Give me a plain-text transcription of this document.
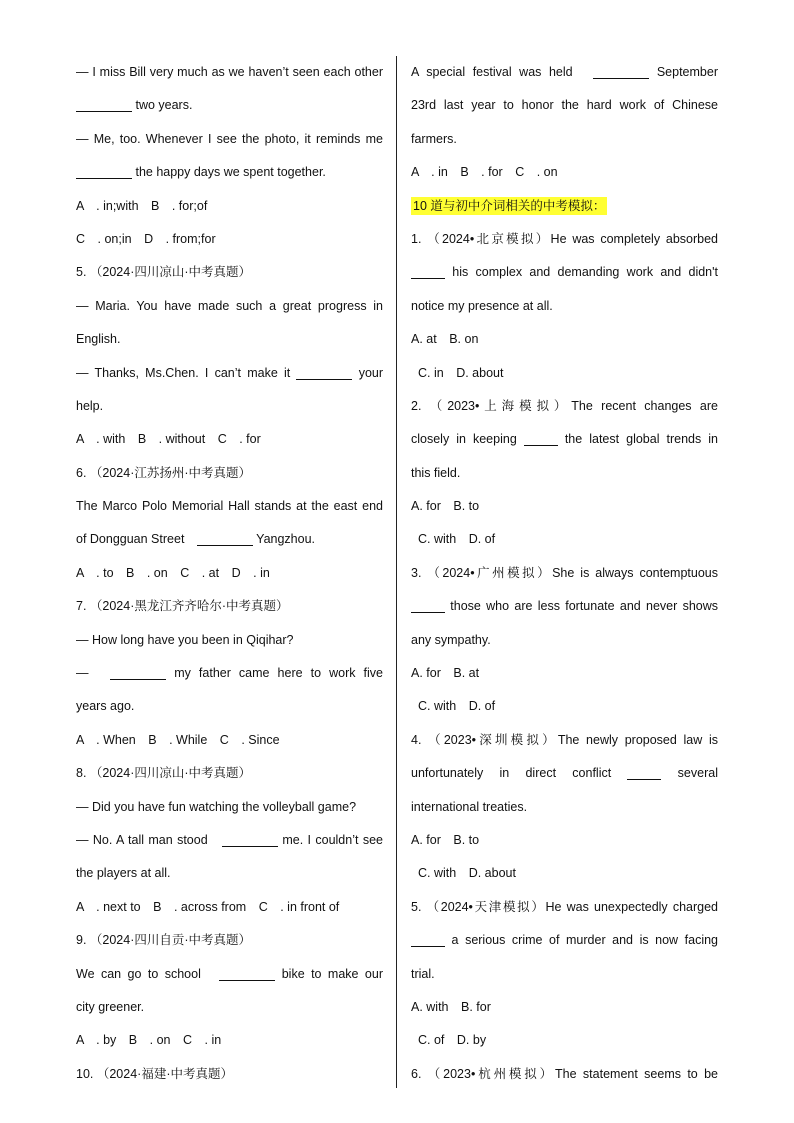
— I miss Bill very much as we haven’t seen each other
two years.
— Me, too. Whenever I see the photo, it reminds me
the happy days we spent together.
A　. in;with　B　. for;of
C　. on;in　D　. from;for
5. （2024·四川凉山·中考真题）
— Maria. You have made such a great progress in
English.
— Thanks, Ms.Chen. I can’t make it	your
help.
A　. with　B　. without　C　. for
6. （2024·江苏扬州·中考真题）
The Marco Polo Memorial Hall stands at the east end
of Dongguan Street　	Yangzhou.
A　. to　B　. on　C　. at　D　. in
7. （2024·黑龙江齐齐哈尔·中考真题）
— How long have you been in Qiqihar?
—　	my father came here to work five
years ago.
A　. When　B　. While　C　. Since
8. （2024·四川凉山·中考真题）
— Did you have fun watching the volleyball game?
— No. A tall man stood　	me. I couldn’t see
the players at all.
A　. next to　B　. across from　C　. in front of
9. （2024·四川自贡·中考真题）
We can go to school　	bike to make our
city greener.
A　. by　B　. on　C　. in
10. （2024·福建·中考真题）
A special festival was held　	September
23rd last year to honor the hard work of Chinese
farmers.
A　. in　B　. for　C　. on
10 道与初中介词相关的中考模拟：
1. （2024•北京模拟）He was completely absorbed
his complex and demanding work and didn't
notice my presence at all.
A. at　B. on
C. in　D. about
2. （2023•上海模拟）The recent changes are
closely in keeping	the latest global trends in
this field.
A. for　B. to
C. with　D. of
3. （2024•广州模拟）She is always contemptuous
those who are less fortunate and never shows
any sympathy.
A. for　B. at
C. with　D. of
4. （2023•深圳模拟）The newly proposed law is
unfortunately in direct conflict	several
international treaties.
A. for　B. to
C. with　D. about
5. （2024•天津模拟）He was unexpectedly charged
a serious crime of murder and is now facing
trial.
A. with　B. for
C. of　D. by
6. （2023•杭州模拟）The statement seems to be
